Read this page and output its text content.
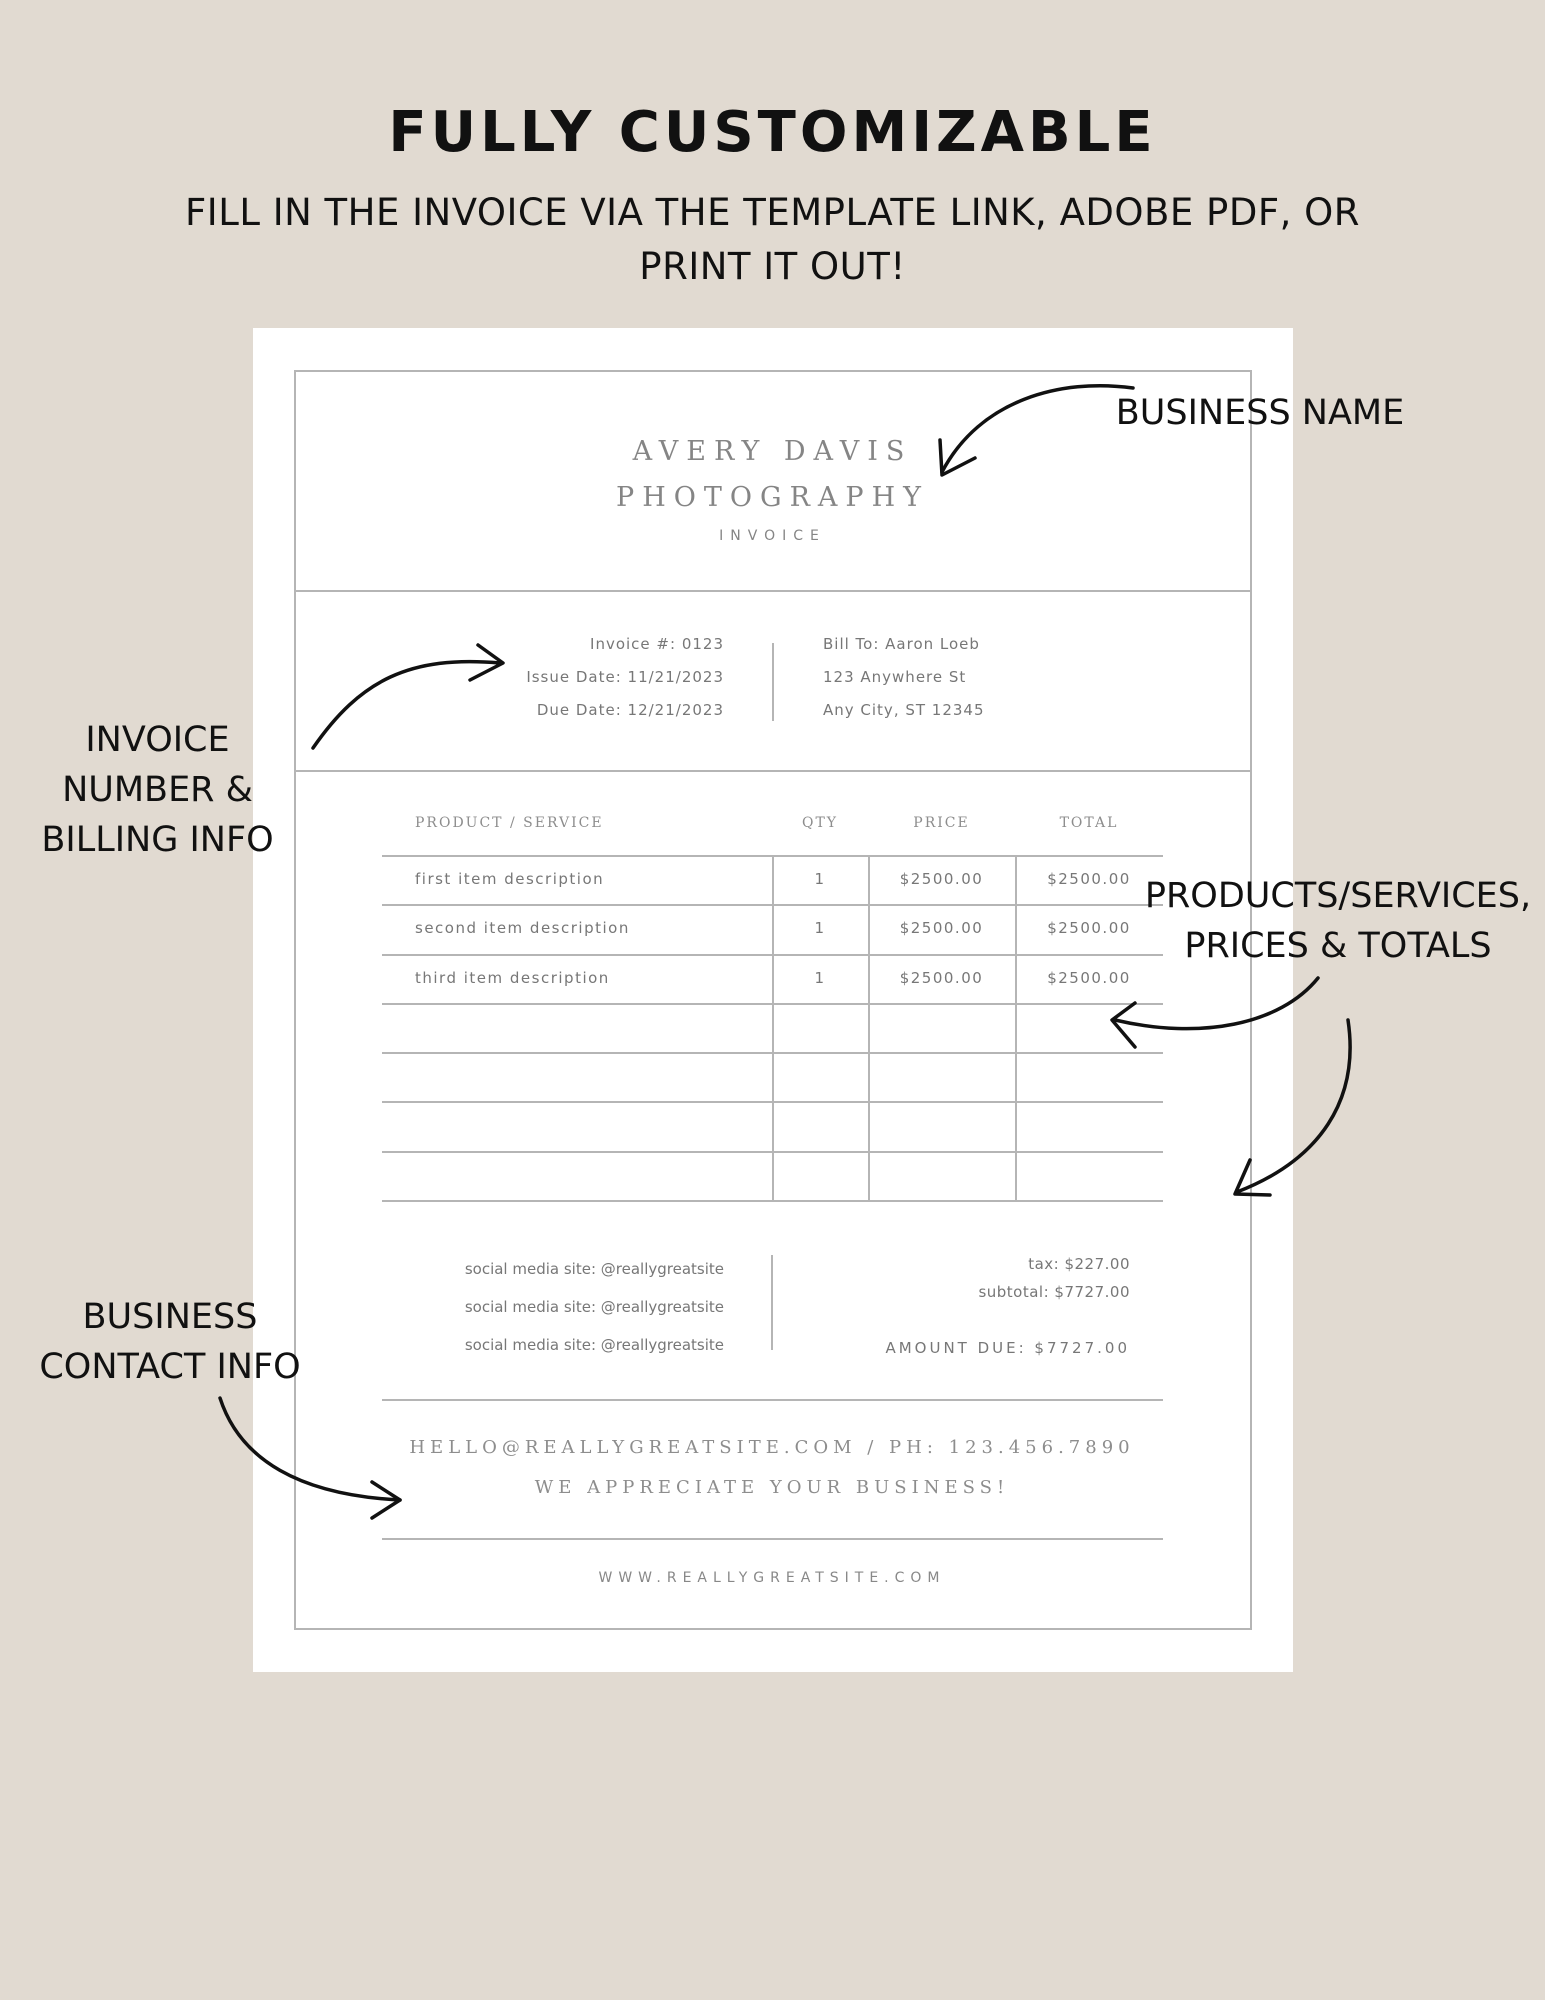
FULLY CUSTOMIZABLE
FILL IN THE INVOICE VIA THE TEMPLATE LINK, ADOBE PDF, OR PRINT IT OUT!
AVERY DAVIS
PHOTOGRAPHY
INVOICE
Invoice #: 0123
Issue Date: 11/21/2023
Due Date: 12/21/2023
Bill To: Aaron Loeb
123 Anywhere St
Any City, ST 12345
PRODUCT / SERVICE	QTY	PRICE	TOTAL
first item description	1	$2500.00	$2500.00
second item description	1	$2500.00	$2500.00
third item description	1	$2500.00	$2500.00
social media site: @reallygreatsite
social media site: @reallygreatsite
social media site: @reallygreatsite
tax: $227.00
subtotal: $7727.00
AMOUNT DUE: $7727.00
HELLO@REALLYGREATSITE.COM / PH: 123.456.7890
WE APPRECIATE YOUR BUSINESS!
WWW.REALLYGREATSITE.COM
BUSINESS NAME
INVOICE
NUMBER &
BILLING INFO
PRODUCTS/SERVICES,
PRICES & TOTALS
BUSINESS
CONTACT INFO
